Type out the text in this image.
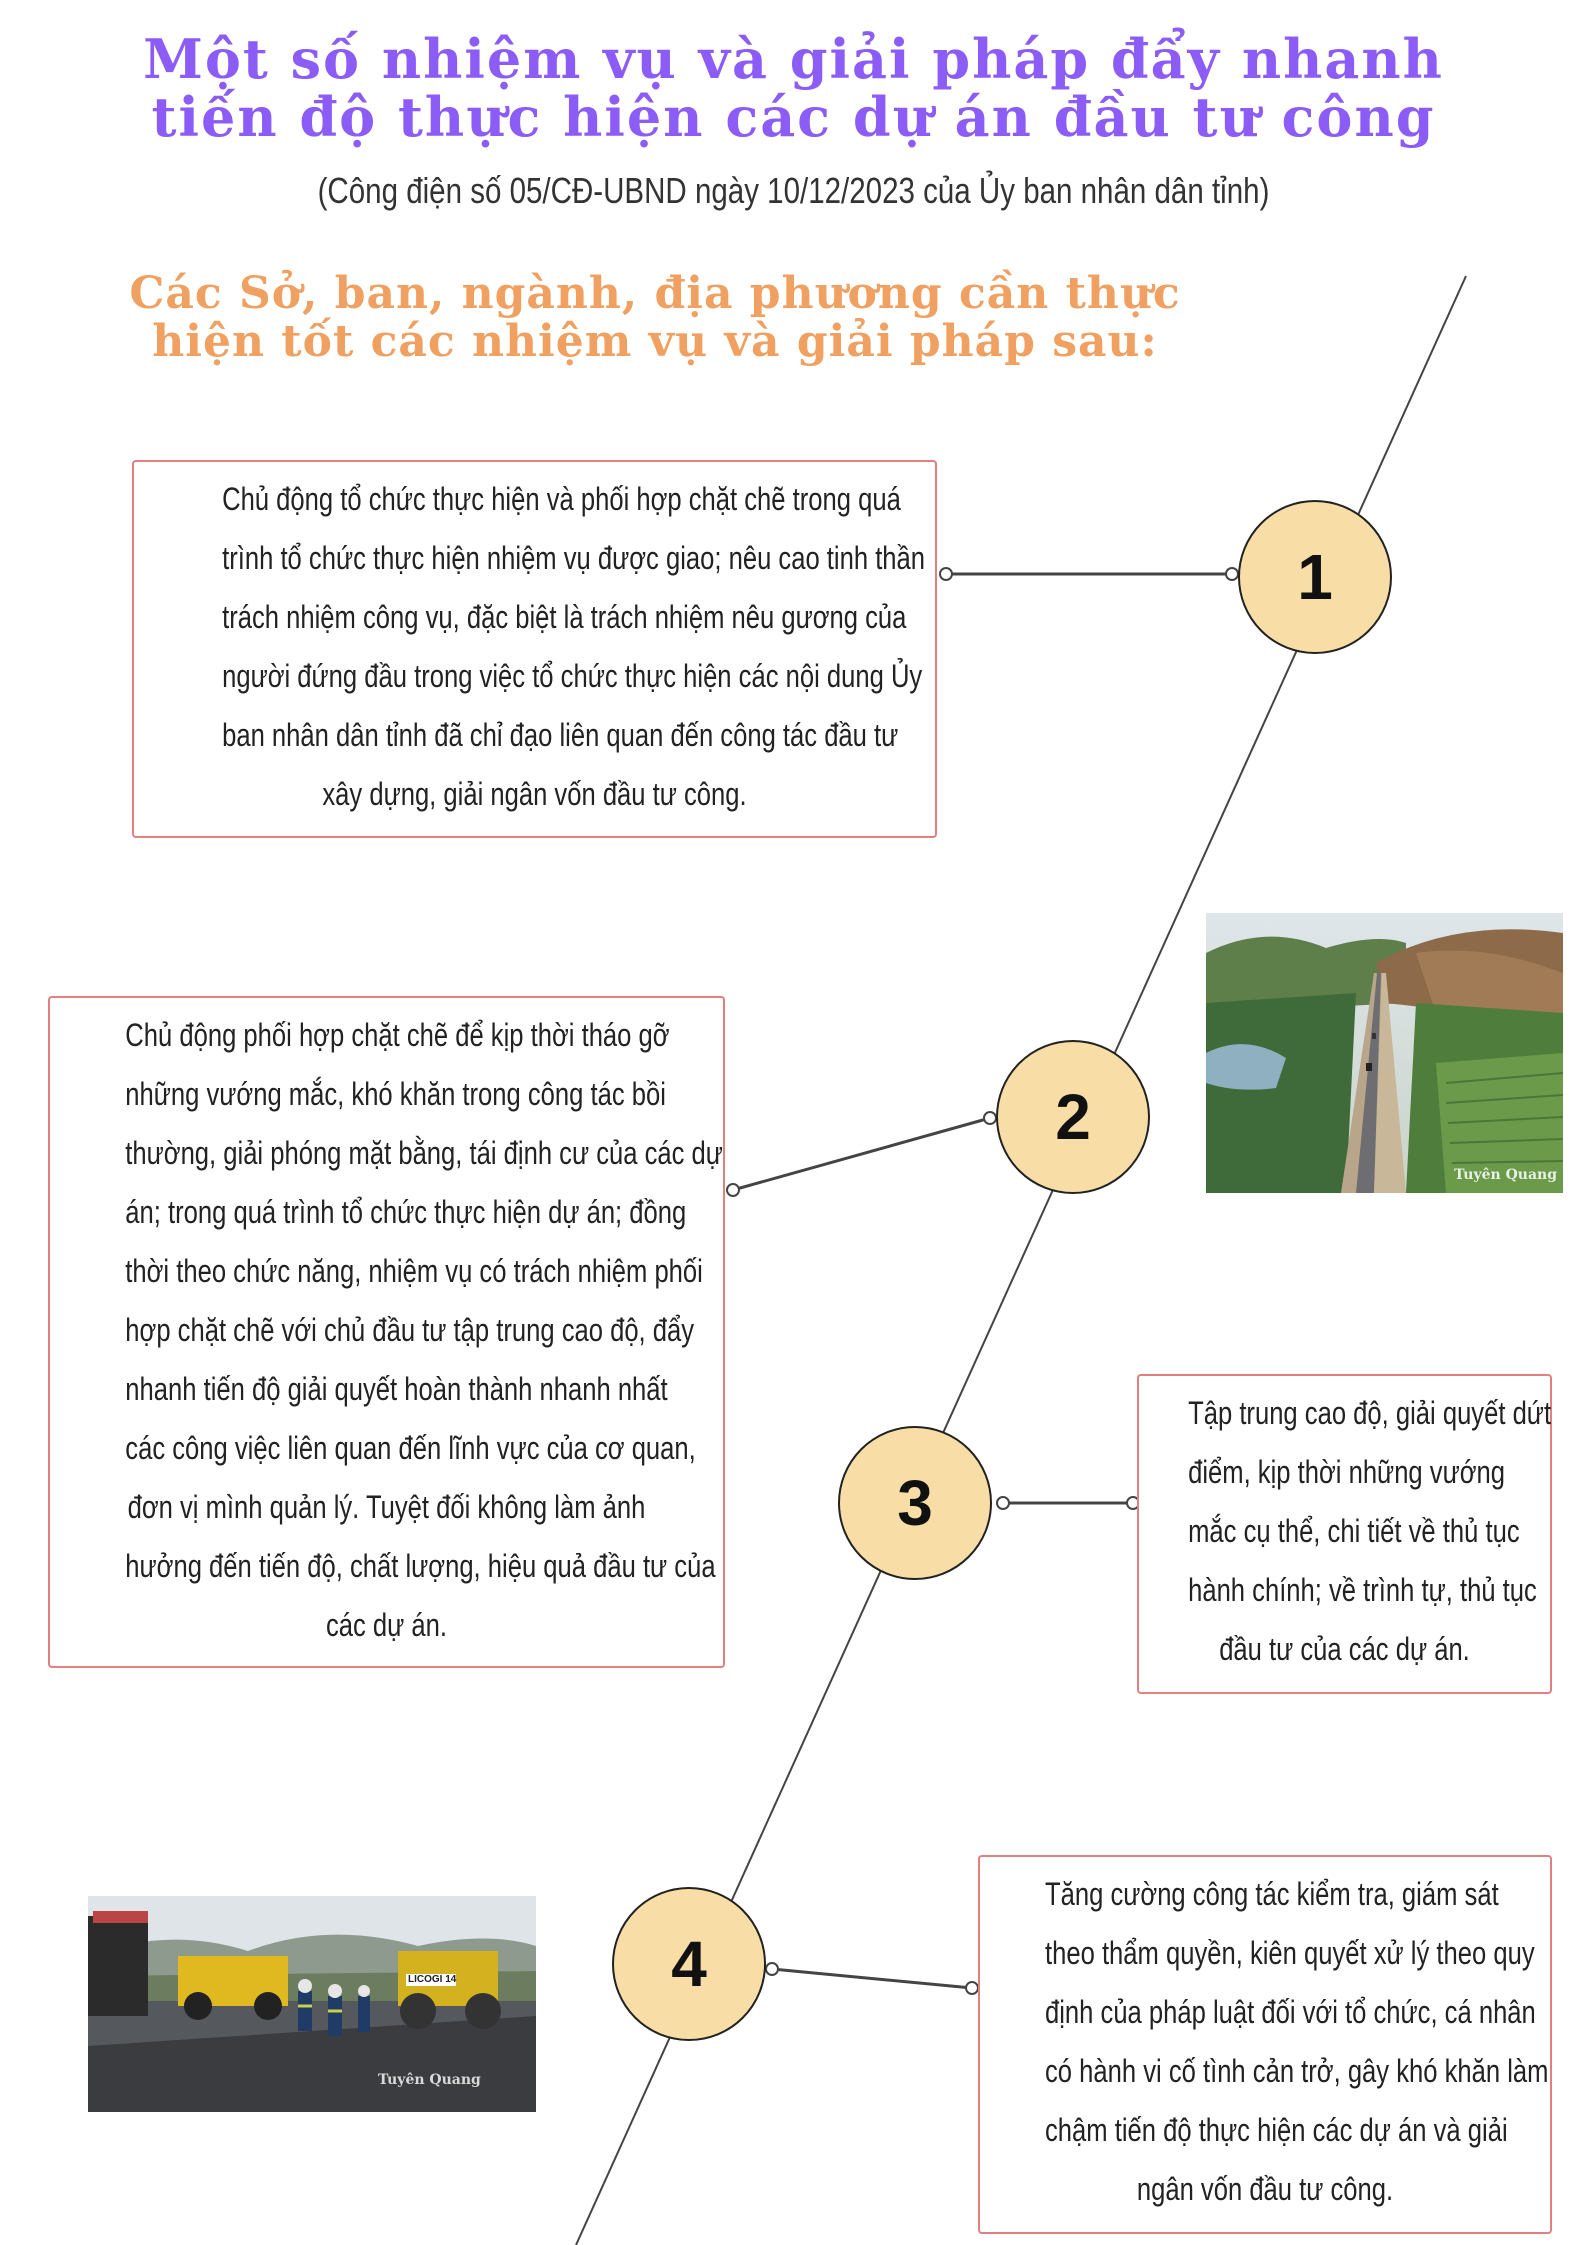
Một số nhiệm vụ và giải pháp đẩy nhanh
tiến độ thực hiện các dự án đầu tư công
(Công điện số 05/CĐ-UBND ngày 10/12/2023 của Ủy ban nhân dân tỉnh)
Các Sở, ban, ngành, địa phương cần thực
hiện tốt các nhiệm vụ và giải pháp sau:
Chủ động tổ chức thực hiện và phối hợp chặt chẽ trong quá
trình tổ chức thực hiện nhiệm vụ được giao; nêu cao tinh thần
trách nhiệm công vụ, đặc biệt là trách nhiệm nêu gương của
người đứng đầu trong việc tổ chức thực hiện các nội dung Ủy
ban nhân dân tỉnh đã chỉ đạo liên quan đến công tác đầu tư
xây dựng, giải ngân vốn đầu tư công.
Chủ động phối hợp chặt chẽ để kịp thời tháo gỡ
những vướng mắc, khó khăn trong công tác bồi
thường, giải phóng mặt bằng, tái định cư của các dự
án; trong quá trình tổ chức thực hiện dự án; đồng
thời theo chức năng, nhiệm vụ có trách nhiệm phối
hợp chặt chẽ với chủ đầu tư tập trung cao độ, đẩy
nhanh tiến độ giải quyết hoàn thành nhanh nhất
các công việc liên quan đến lĩnh vực của cơ quan,
đơn vị mình quản lý. Tuyệt đối không làm ảnh
hưởng đến tiến độ, chất lượng, hiệu quả đầu tư của
các dự án.
Tập trung cao độ, giải quyết dứt
điểm, kịp thời những vướng
mắc cụ thể, chi tiết về thủ tục
hành chính; về trình tự, thủ tục
đầu tư của các dự án.
Tăng cường công tác kiểm tra, giám sát
theo thẩm quyền, kiên quyết xử lý theo quy
định của pháp luật đối với tổ chức, cá nhân
có hành vi cố tình cản trở, gây khó khăn làm
chậm tiến độ thực hiện các dự án và giải
ngân vốn đầu tư công.
1
2
3
4
Tuyên Quang
LICOGI 14
Tuyên Quang
